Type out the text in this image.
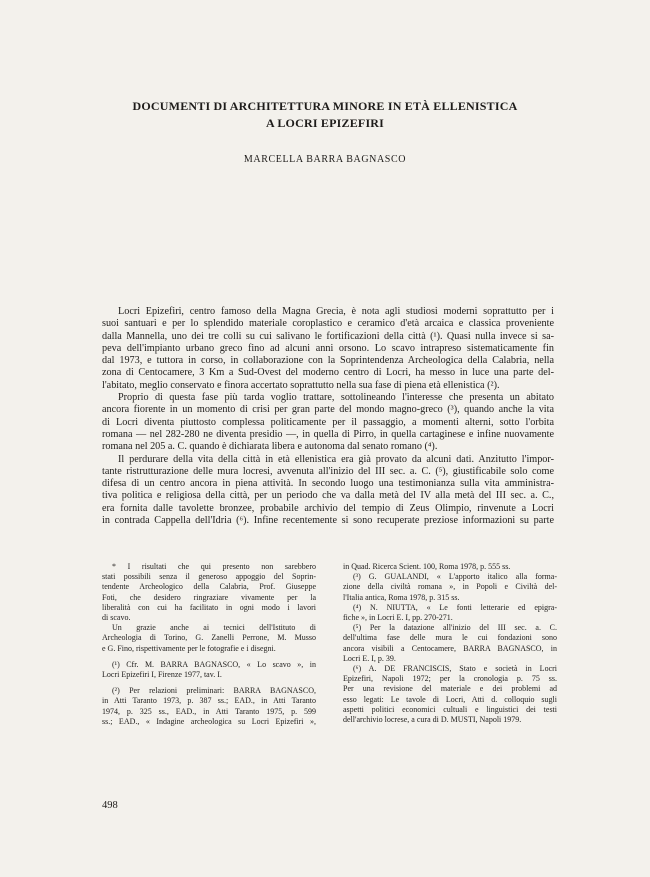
DOCUMENTI DI ARCHITETTURA MINORE IN ETÀ ELLENISTICA
A LOCRI EPIZEFIRI
MARCELLA BARRA BAGNASCO
Locri Epizefiri, centro famoso della Magna Grecia, è nota agli studiosi moderni soprattutto per i
suoi santuari e per lo splendido materiale coroplastico e ceramico d'età arcaica e classica proveniente
dalla Mannella, uno dei tre colli su cui salivano le fortificazioni della città (¹). Quasi nulla invece si sa-
peva dell'impianto urbano greco fino ad alcuni anni orsono. Lo scavo intrapreso sistematicamente fin
dal 1973, e tuttora in corso, in collaborazione con la Soprintendenza Archeologica della Calabria, nella
zona di Centocamere, 3 Km a Sud-Ovest del moderno centro di Locri, ha messo in luce una parte del-
l'abitato, meglio conservato e finora accertato soprattutto nella sua fase di piena età ellenistica (²).
Proprio di questa fase più tarda voglio trattare, sottolineando l'interesse che presenta un abitato
ancora fiorente in un momento di crisi per gran parte del mondo magno-greco (³), quando anche la vita
di Locri diventa piuttosto complessa politicamente per il passaggio, a momenti alterni, sotto l'orbita
romana — nel 282-280 ne diventa presidio —, in quella di Pirro, in quella cartaginese e infine nuovamente
romana nel 205 a. C. quando è dichiarata libera e autonoma dal senato romano (⁴).
Il perdurare della vita della città in età ellenistica era già provato da alcuni dati. Anzitutto l'impor-
tante ristrutturazione delle mura locresi, avvenuta all'inizio del III sec. a. C. (⁵), giustificabile solo come
difesa di un centro ancora in piena attività. In secondo luogo una testimonianza sulla vita amministra-
tiva politica e religiosa della città, per un periodo che va dalla metà del IV alla metà del III sec. a. C.,
era fornita dalle tavolette bronzee, probabile archivio del tempio di Zeus Olimpio, rinvenute a Locri
in contrada Cappella dell'Idria (⁶). Infine recentemente si sono recuperate preziose informazioni su parte
* I risultati che qui presento non sarebbero
stati possibili senza il generoso appoggio del Soprin-
tendente Archeologico della Calabria, Prof. Giuseppe
Foti, che desidero ringraziare vivamente per la
liberalità con cui ha facilitato in ogni modo i lavori
di scavo.
Un grazie anche ai tecnici dell'Istituto di
Archeologia di Torino, G. Zanelli Perrone, M. Musso
e G. Fino, rispettivamente per le fotografie e i disegni.
(¹) Cfr. M. BARRA BAGNASCO, « Lo scavo », in
Locri Epizefiri I, Firenze 1977, tav. I.
(²) Per relazioni preliminari: BARRA BAGNASCO,
in Atti Taranto 1973, p. 387 ss.; EAD., in Atti Taranto
1974, p. 325 ss., EAD., in Atti Taranto 1975, p. 599
ss.; EAD., « Indagine archeologica su Locri Epizefiri »,
in Quad. Ricerca Scient. 100, Roma 1978, p. 555 ss.
(³) G. GUALANDI, « L'apporto italico alla forma-
zione della civiltà romana », in Popoli e Civiltà del-
l'Italia antica, Roma 1978, p. 315 ss.
(⁴) N. NIUTTA, « Le fonti letterarie ed epigra-
fiche », in Locri E. I, pp. 270-271.
(⁵) Per la datazione all'inizio del III sec. a. C.
dell'ultima fase delle mura le cui fondazioni sono
ancora visibili a Centocamere, BARRA BAGNASCO, in
Locri E. I, p. 39.
(⁶) A. DE FRANCISCIS, Stato e società in Locri
Epizefiri, Napoli 1972; per la cronologia p. 75 ss.
Per una revisione del materiale e dei problemi ad
esso legati: Le tavole di Locri, Atti d. colloquio sugli
aspetti politici economici cultuali e linguistici dei testi
dell'archivio locrese, a cura di D. MUSTI, Napoli 1979.
498
